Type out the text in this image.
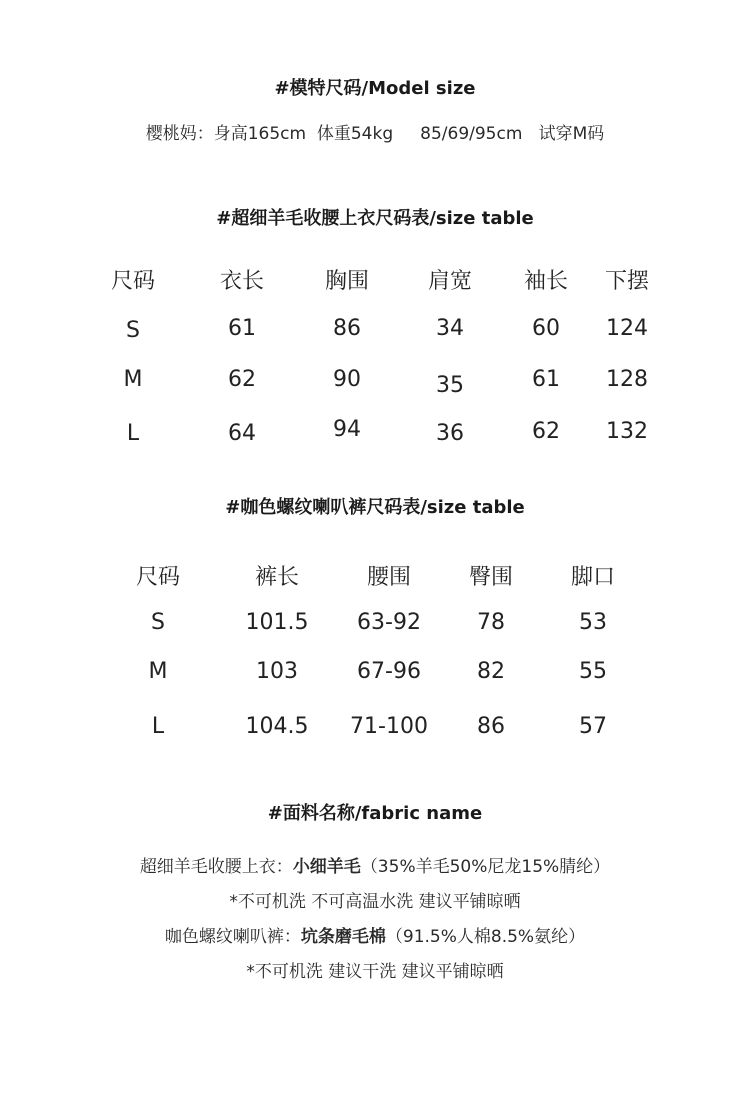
#模特尺码/Model size
樱桃妈：身高165cm  体重54kg     85/69/95cm   试穿M码
#超细羊毛收腰上衣尺码表/size table
尺码	衣长	胸围	肩宽	袖长	下摆
S	61	86	34	60	124
M	62	90	35	61	128
L	64	94	36	62	132
#咖色螺纹喇叭裤尺码表/size table
尺码	裤长	腰围	臀围	脚口
S	101.5	63-92	78	53
M	103	67-96	82	55
L	104.5	71-100	86	57
#面料名称/fabric name
超细羊毛收腰上衣：小细羊毛（35%羊毛50%尼龙15%腈纶）
*不可机洗 不可高温水洗 建议平铺晾晒
咖色螺纹喇叭裤：坑条磨毛棉（91.5%人棉8.5%氨纶）
*不可机洗 建议干洗 建议平铺晾晒
